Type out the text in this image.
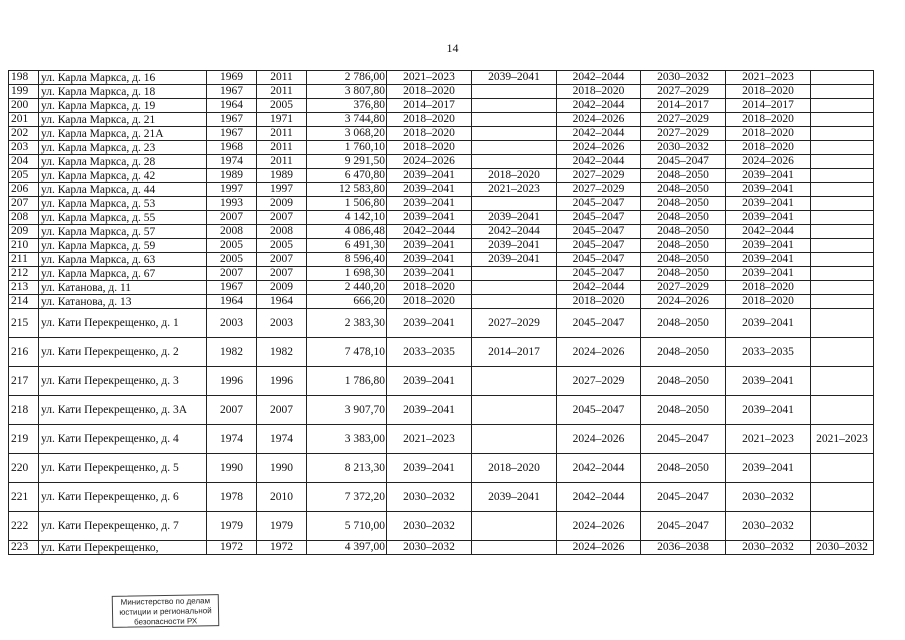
14
198	ул. Карла Маркса, д. 16	1969	2011	2 786,00	2021–2023	2039–2041	2042–2044	2030–2032	2021–2023	
199	ул. Карла Маркса, д. 18	1967	2011	3 807,80	2018–2020		2018–2020	2027–2029	2018–2020	
200	ул. Карла Маркса, д. 19	1964	2005	376,80	2014–2017		2042–2044	2014–2017	2014–2017	
201	ул. Карла Маркса, д. 21	1967	1971	3 744,80	2018–2020		2024–2026	2027–2029	2018–2020	
202	ул. Карла Маркса, д. 21А	1967	2011	3 068,20	2018–2020		2042–2044	2027–2029	2018–2020	
203	ул. Карла Маркса, д. 23	1968	2011	1 760,10	2018–2020		2024–2026	2030–2032	2018–2020	
204	ул. Карла Маркса, д. 28	1974	2011	9 291,50	2024–2026		2042–2044	2045–2047	2024–2026	
205	ул. Карла Маркса, д. 42	1989	1989	6 470,80	2039–2041	2018–2020	2027–2029	2048–2050	2039–2041	
206	ул. Карла Маркса, д. 44	1997	1997	12 583,80	2039–2041	2021–2023	2027–2029	2048–2050	2039–2041	
207	ул. Карла Маркса, д. 53	1993	2009	1 506,80	2039–2041		2045–2047	2048–2050	2039–2041	
208	ул. Карла Маркса, д. 55	2007	2007	4 142,10	2039–2041	2039–2041	2045–2047	2048–2050	2039–2041	
209	ул. Карла Маркса, д. 57	2008	2008	4 086,48	2042–2044	2042–2044	2045–2047	2048–2050	2042–2044	
210	ул. Карла Маркса, д. 59	2005	2005	6 491,30	2039–2041	2039–2041	2045–2047	2048–2050	2039–2041	
211	ул. Карла Маркса, д. 63	2005	2007	8 596,40	2039–2041	2039–2041	2045–2047	2048–2050	2039–2041	
212	ул. Карла Маркса, д. 67	2007	2007	1 698,30	2039–2041		2045–2047	2048–2050	2039–2041	
213	ул. Катанова, д. 11	1967	2009	2 440,20	2018–2020		2042–2044	2027–2029	2018–2020	
214	ул. Катанова, д. 13	1964	1964	666,20	2018–2020		2018–2020	2024–2026	2018–2020	
215	ул. Кати Перекрещенко, д. 1	2003	2003	2 383,30	2039–2041	2027–2029	2045–2047	2048–2050	2039–2041	
216	ул. Кати Перекрещенко, д. 2	1982	1982	7 478,10	2033–2035	2014–2017	2024–2026	2048–2050	2033–2035	
217	ул. Кати Перекрещенко, д. 3	1996	1996	1 786,80	2039–2041		2027–2029	2048–2050	2039–2041	
218	ул. Кати Перекрещенко, д. 3А	2007	2007	3 907,70	2039–2041		2045–2047	2048–2050	2039–2041	
219	ул. Кати Перекрещенко, д. 4	1974	1974	3 383,00	2021–2023		2024–2026	2045–2047	2021–2023	2021–2023
220	ул. Кати Перекрещенко, д. 5	1990	1990	8 213,30	2039–2041	2018–2020	2042–2044	2048–2050	2039–2041	
221	ул. Кати Перекрещенко, д. 6	1978	2010	7 372,20	2030–2032	2039–2041	2042–2044	2045–2047	2030–2032	
222	ул. Кати Перекрещенко, д. 7	1979	1979	5 710,00	2030–2032		2024–2026	2045–2047	2030–2032	
223	ул. Кати Перекрещенко,	1972	1972	4 397,00	2030–2032		2024–2026	2036–2038	2030–2032	2030–2032
Министерство по делам
юстиции и региональной
безопасности РХ
